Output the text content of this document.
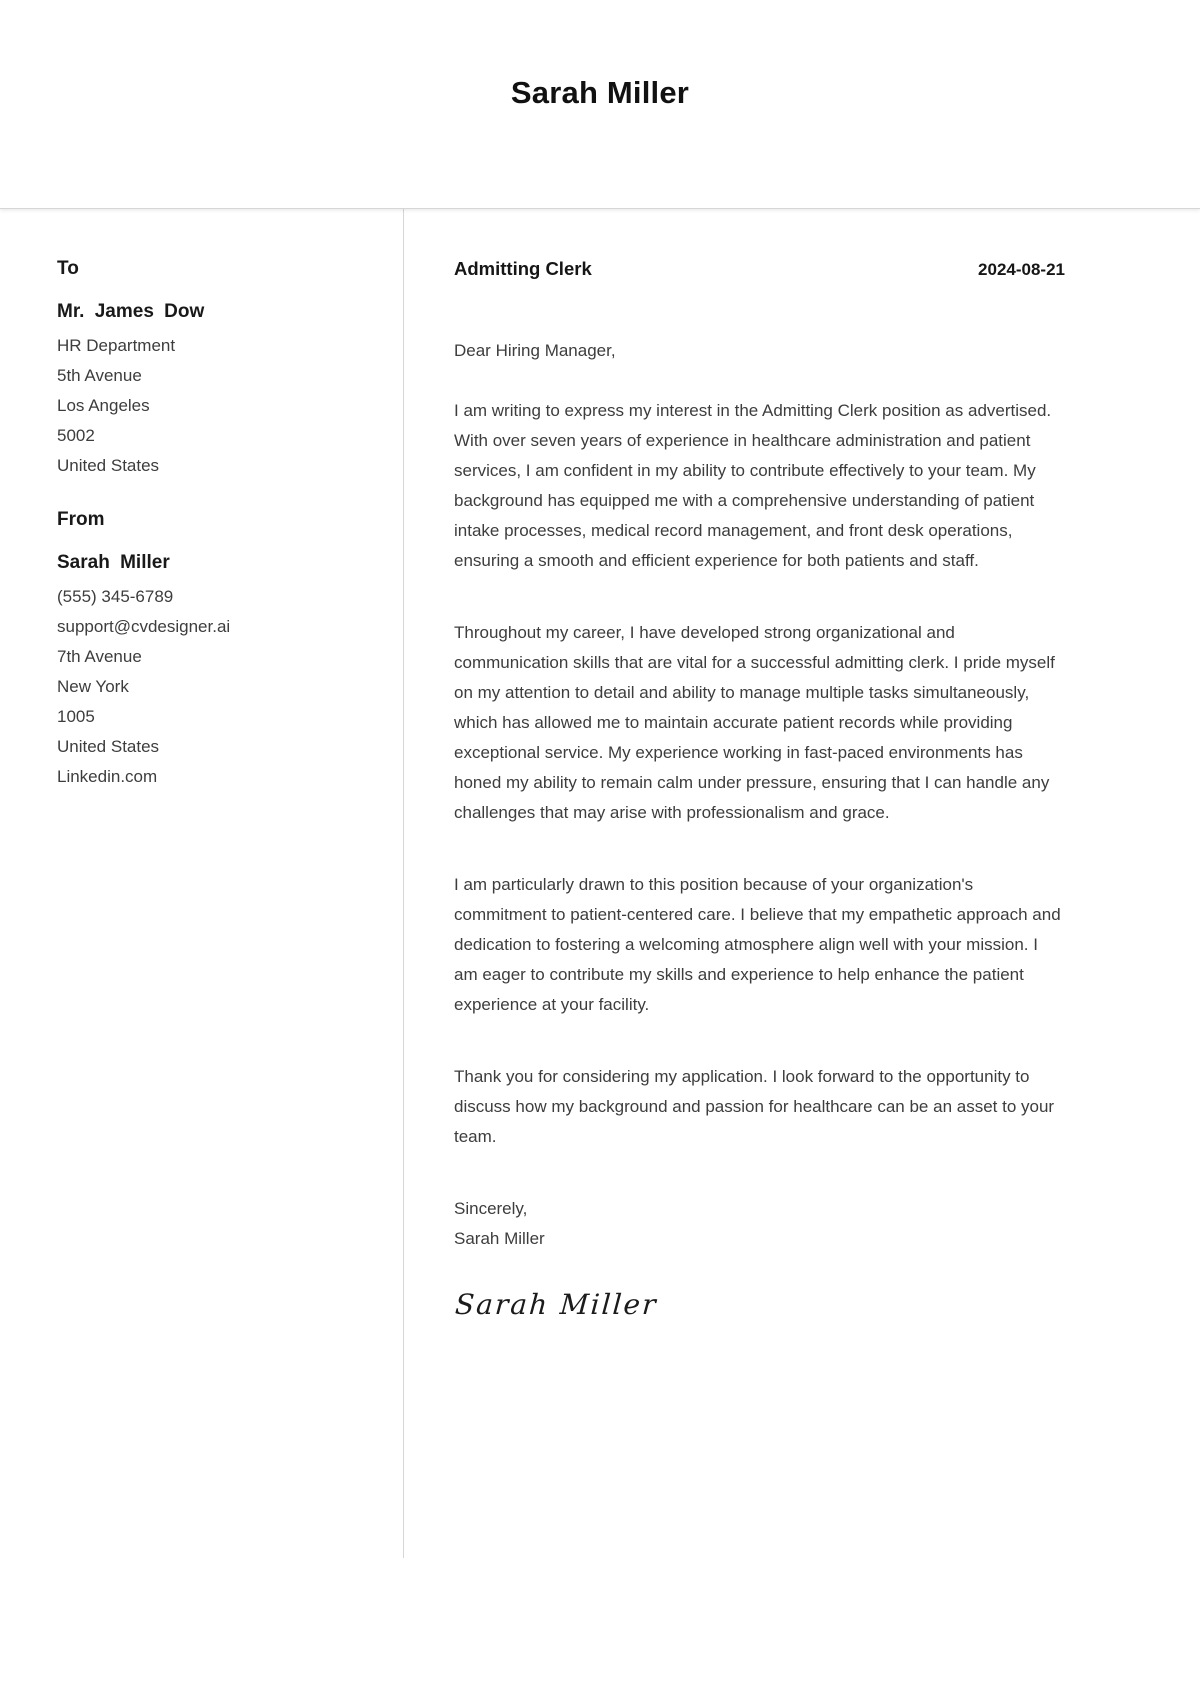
Sarah Miller
To
Mr. James Dow
HR Department
5th Avenue
Los Angeles
5002
United States
From
Sarah Miller
(555) 345-6789
support@cvdesigner.ai
7th Avenue
New York
1005
United States
Linkedin.com
Admitting Clerk	2024-08-21

Dear Hiring Manager,

I am writing to express my interest in the Admitting Clerk position as advertised. With over seven years of experience in healthcare administration and patient services, I am confident in my ability to contribute effectively to your team. My background has equipped me with a comprehensive understanding of patient intake processes, medical record management, and front desk operations, ensuring a smooth and efficient experience for both patients and staff.

Throughout my career, I have developed strong organizational and communication skills that are vital for a successful admitting clerk. I pride myself on my attention to detail and ability to manage multiple tasks simultaneously, which has allowed me to maintain accurate patient records while providing exceptional service. My experience working in fast-paced environments has honed my ability to remain calm under pressure, ensuring that I can handle any challenges that may arise with professionalism and grace.

I am particularly drawn to this position because of your organization's commitment to patient-centered care. I believe that my empathetic approach and dedication to fostering a welcoming atmosphere align well with your mission. I am eager to contribute my skills and experience to help enhance the patient experience at your facility.

Thank you for considering my application. I look forward to the opportunity to discuss how my background and passion for healthcare can be an asset to your team.

Sincerely,
Sarah Miller
Sarah Miller
